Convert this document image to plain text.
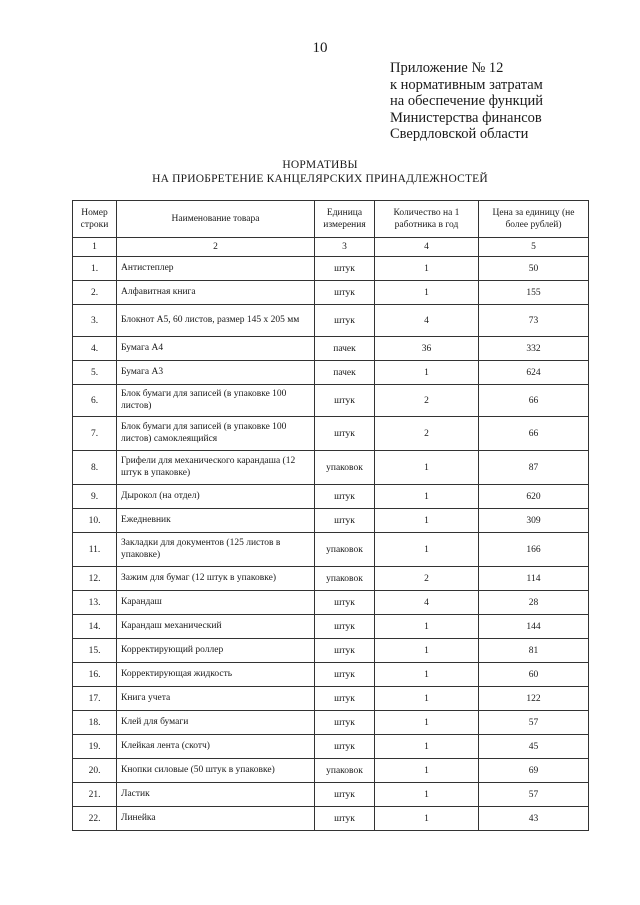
10
Приложение № 12
к нормативным затратам
на обеспечение функций
Министерства финансов
Свердловской области
НОРМАТИВЫ
НА ПРИОБРЕТЕНИЕ КАНЦЕЛЯРСКИХ ПРИНАДЛЕЖНОСТЕЙ
Номер строки	Наименование товара	Единица измерения	Количество на 1 работника в год	Цена за единицу (не более рублей)
1	2	3	4	5
1.	Антистеплер	штук	1	50
2.	Алфавитная книга	штук	1	155
3.	Блокнот А5, 60 листов, размер 145 х 205 мм	штук	4	73
4.	Бумага А4	пачек	36	332
5.	Бумага А3	пачек	1	624
6.	Блок бумаги для записей (в упаковке 100 листов)	штук	2	66
7.	Блок бумаги для записей (в упаковке 100 листов) самоклеящийся	штук	2	66
8.	Грифели для механического карандаша (12 штук в упаковке)	упаковок	1	87
9.	Дырокол (на отдел)	штук	1	620
10.	Ежедневник	штук	1	309
11.	Закладки для документов (125 листов в упаковке)	упаковок	1	166
12.	Зажим для бумаг (12 штук в упаковке)	упаковок	2	114
13.	Карандаш	штук	4	28
14.	Карандаш механический	штук	1	144
15.	Корректирующий роллер	штук	1	81
16.	Корректирующая жидкость	штук	1	60
17.	Книга учета	штук	1	122
18.	Клей для бумаги	штук	1	57
19.	Клейкая лента (скотч)	штук	1	45
20.	Кнопки силовые (50 штук в упаковке)	упаковок	1	69
21.	Ластик	штук	1	57
22.	Линейка	штук	1	43
